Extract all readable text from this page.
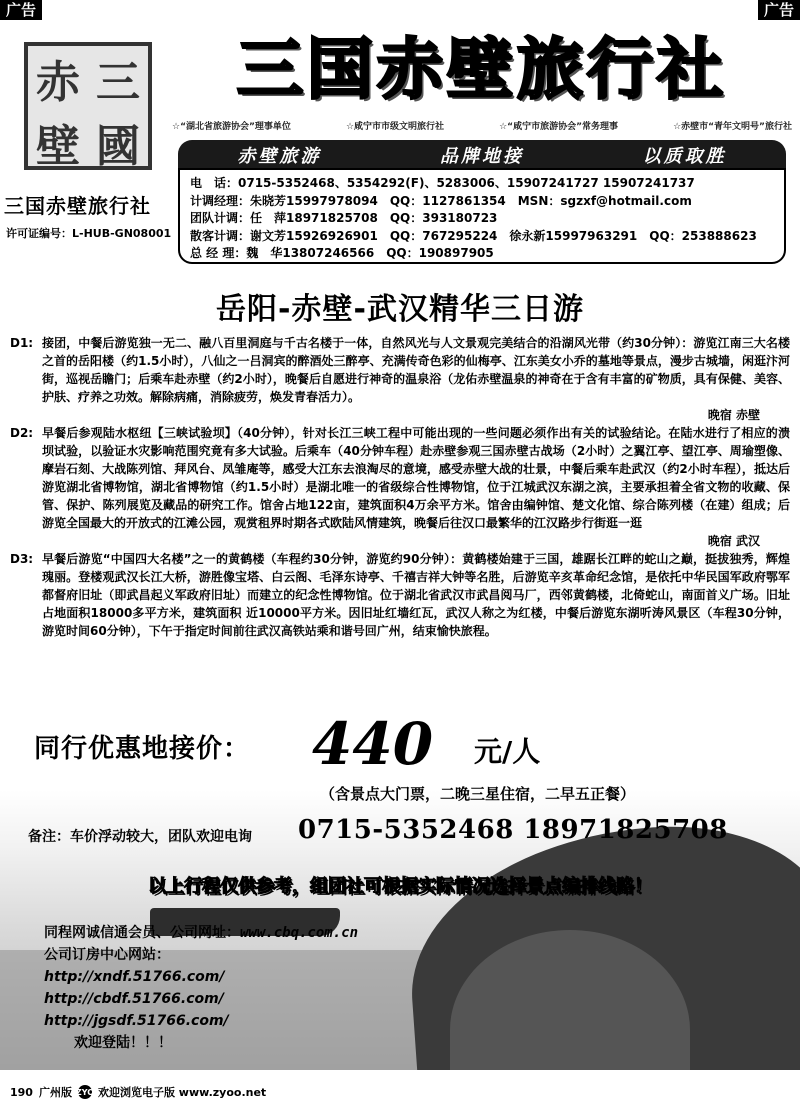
广告	广告
赤 三
壁 國
三国赤壁旅行社
许可证编号：L-HUB-GN08001
三国赤壁旅行社
☆“湖北省旅游协会”理事单位	☆咸宁市市级文明旅行社	☆“咸宁市旅游协会”常务理事	☆赤壁市“青年文明号”旅行社
赤壁旅游	品牌地接	以质取胜
电　话：0715-5352468、5354292(F)、5283006、15907241727 15907241737
计调经理：朱晓芳15997978094　QQ：1127861354　MSN：sgzxf@hotmail.com
团队计调：任　萍18971825708　QQ：393180723
散客计调：谢文芳15926926901　QQ：767295224　徐永新15997963291　QQ：253888623
总 经 理：魏　华13807246566　QQ：190897905
岳阳-赤壁-武汉精华三日游
D1: 接团，中餐后游览独一无二、融八百里洞庭与千古名楼于一体，自然风光与人文景观完美结合的沿湖风光带（约30分钟）：游览江南三大名楼之首的岳阳楼（约1.5小时），八仙之一吕洞宾的醉酒处三醉亭、充满传奇色彩的仙梅亭、江东美女小乔的墓地等景点，漫步古城墙，闲逛汴河街，巡视岳瞻门；后乘车赴赤壁（约2小时），晚餐后自愿进行神奇的温泉浴（龙佑赤壁温泉的神奇在于含有丰富的矿物质，具有保健、美容、护肤、疗养之功效。解除病痛，消除疲劳，焕发青春活力）。
晚宿 赤壁
D2: 早餐后参观陆水枢纽【三峡试验坝】（40分钟），针对长江三峡工程中可能出现的一些问题必须作出有关的试验结论。在陆水进行了相应的溃坝试验，以验证水灾影响范围究竟有多大试验。后乘车（40分钟车程）赴赤壁参观三国赤壁古战场（2小时）之翼江亭、望江亭、周瑜塑像、摩岩石刻、大战陈列馆、拜风台、凤雏庵等，感受大江东去浪淘尽的意境，感受赤壁大战的壮景，中餐后乘车赴武汉（约2小时车程），抵达后游览湖北省博物馆，湖北省博物馆（约1.5小时）是湖北唯一的省级综合性博物馆，位于江城武汉东湖之滨，主要承担着全省文物的收藏、保管、保护、陈列展览及藏品的研究工作。馆舍占地122亩，建筑面积4万余平方米。馆舍由编钟馆、楚文化馆、综合陈列楼（在建）组成；后游览全国最大的开放式的江滩公园，观赏租界时期各式欧陆风情建筑，晚餐后往汉口最繁华的江汉路步行街逛一逛
晚宿 武汉
D3: 早餐后游览“中国四大名楼”之一的黄鹤楼（车程约30分钟，游览约90分钟）：黄鹤楼始建于三国，雄踞长江畔的蛇山之巅，挺拔独秀，辉煌瑰丽。登楼观武汉长江大桥，游胜像宝塔、白云阁、毛泽东诗亭、千禧吉祥大钟等名胜，后游览辛亥革命纪念馆，是依托中华民国军政府鄂军都督府旧址（即武昌起义军政府旧址）而建立的纪念性博物馆。位于湖北省武汉市武昌阅马厂，西邻黄鹤楼，北倚蛇山，南面首义广场。旧址占地面积18000多平方米，建筑面积 近10000平方米。因旧址红墙红瓦，武汉人称之为红楼，中餐后游览东湖听涛风景区（车程30分钟，游览时间60分钟），下午于指定时间前往武汉高铁站乘和谐号回广州，结束愉快旅程。
同行优惠地接价： 440 元/人
（含景点大门票，二晚三星住宿，二早五正餐）
备注：车价浮动较大，团队欢迎电询 0715-5352468 18971825708
以上行程仅供参考，组团社可根据实际情况选择景点编排线路！
同程网诚信通会员、公司网址：www.cbq.com.cn
公司订房中心网站：
http://xndf.51766.com/
http://cbdf.51766.com/
http://jgsdf.51766.com/
欢迎登陆！！！
190 广州版 ZYO 欢迎浏览电子版 www.zyoo.net
